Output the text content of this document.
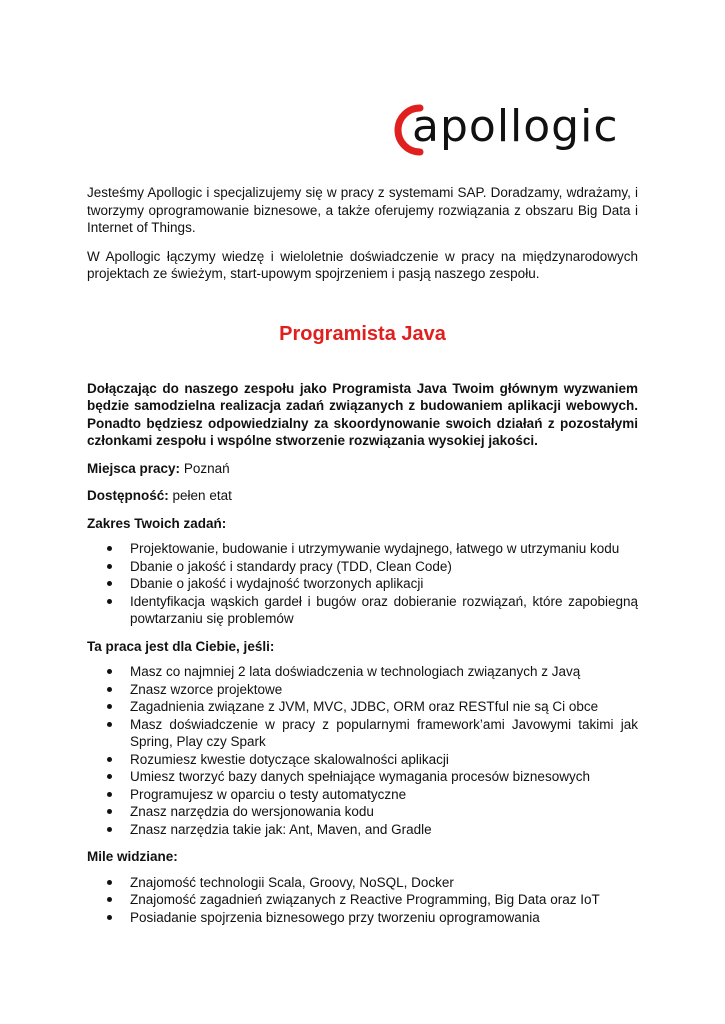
apollogic

Jesteśmy Apollogic i specjalizujemy się w pracy z systemami SAP. Doradzamy, wdrażamy, i tworzymy oprogramowanie biznesowe, a także oferujemy rozwiązania z obszaru Big Data i Internet of Things.

W Apollogic łączymy wiedzę i wieloletnie doświadczenie w pracy na międzynarodowych projektach ze świeżym, start-upowym spojrzeniem i pasją naszego zespołu.

Programista Java

Dołączając do naszego zespołu jako Programista Java Twoim głównym wyzwaniem będzie samodzielna realizacja zadań związanych z budowaniem aplikacji webowych. Ponadto będziesz odpowiedzialny za skoordynowanie swoich działań z pozostałymi członkami zespołu i wspólne stworzenie rozwiązania wysokiej jakości.

Miejsca pracy: Poznań

Dostępność: pełen etat

Zakres Twoich zadań:

Projektowanie, budowanie i utrzymywanie wydajnego, łatwego w utrzymaniu kodu
Dbanie o jakość i standardy pracy (TDD, Clean Code)
Dbanie o jakość i wydajność tworzonych aplikacji
Identyfikacja wąskich gardeł i bugów oraz dobieranie rozwiązań, które zapobiegną powtarzaniu się problemów

Ta praca jest dla Ciebie, jeśli:

Masz co najmniej 2 lata doświadczenia w technologiach związanych z Javą
Znasz wzorce projektowe
Zagadnienia związane z JVM, MVC, JDBC, ORM oraz RESTful nie są Ci obce
Masz doświadczenie w pracy z popularnymi framework’ami Javowymi takimi jak Spring, Play czy Spark
Rozumiesz kwestie dotyczące skalowalności aplikacji
Umiesz tworzyć bazy danych spełniające wymagania procesów biznesowych
Programujesz w oparciu o testy automatyczne
Znasz narzędzia do wersjonowania kodu
Znasz narzędzia takie jak: Ant, Maven, and Gradle

Mile widziane:

Znajomość technologii Scala, Groovy, NoSQL, Docker
Znajomość zagadnień związanych z Reactive Programming, Big Data oraz IoT
Posiadanie spojrzenia biznesowego przy tworzeniu oprogramowania
